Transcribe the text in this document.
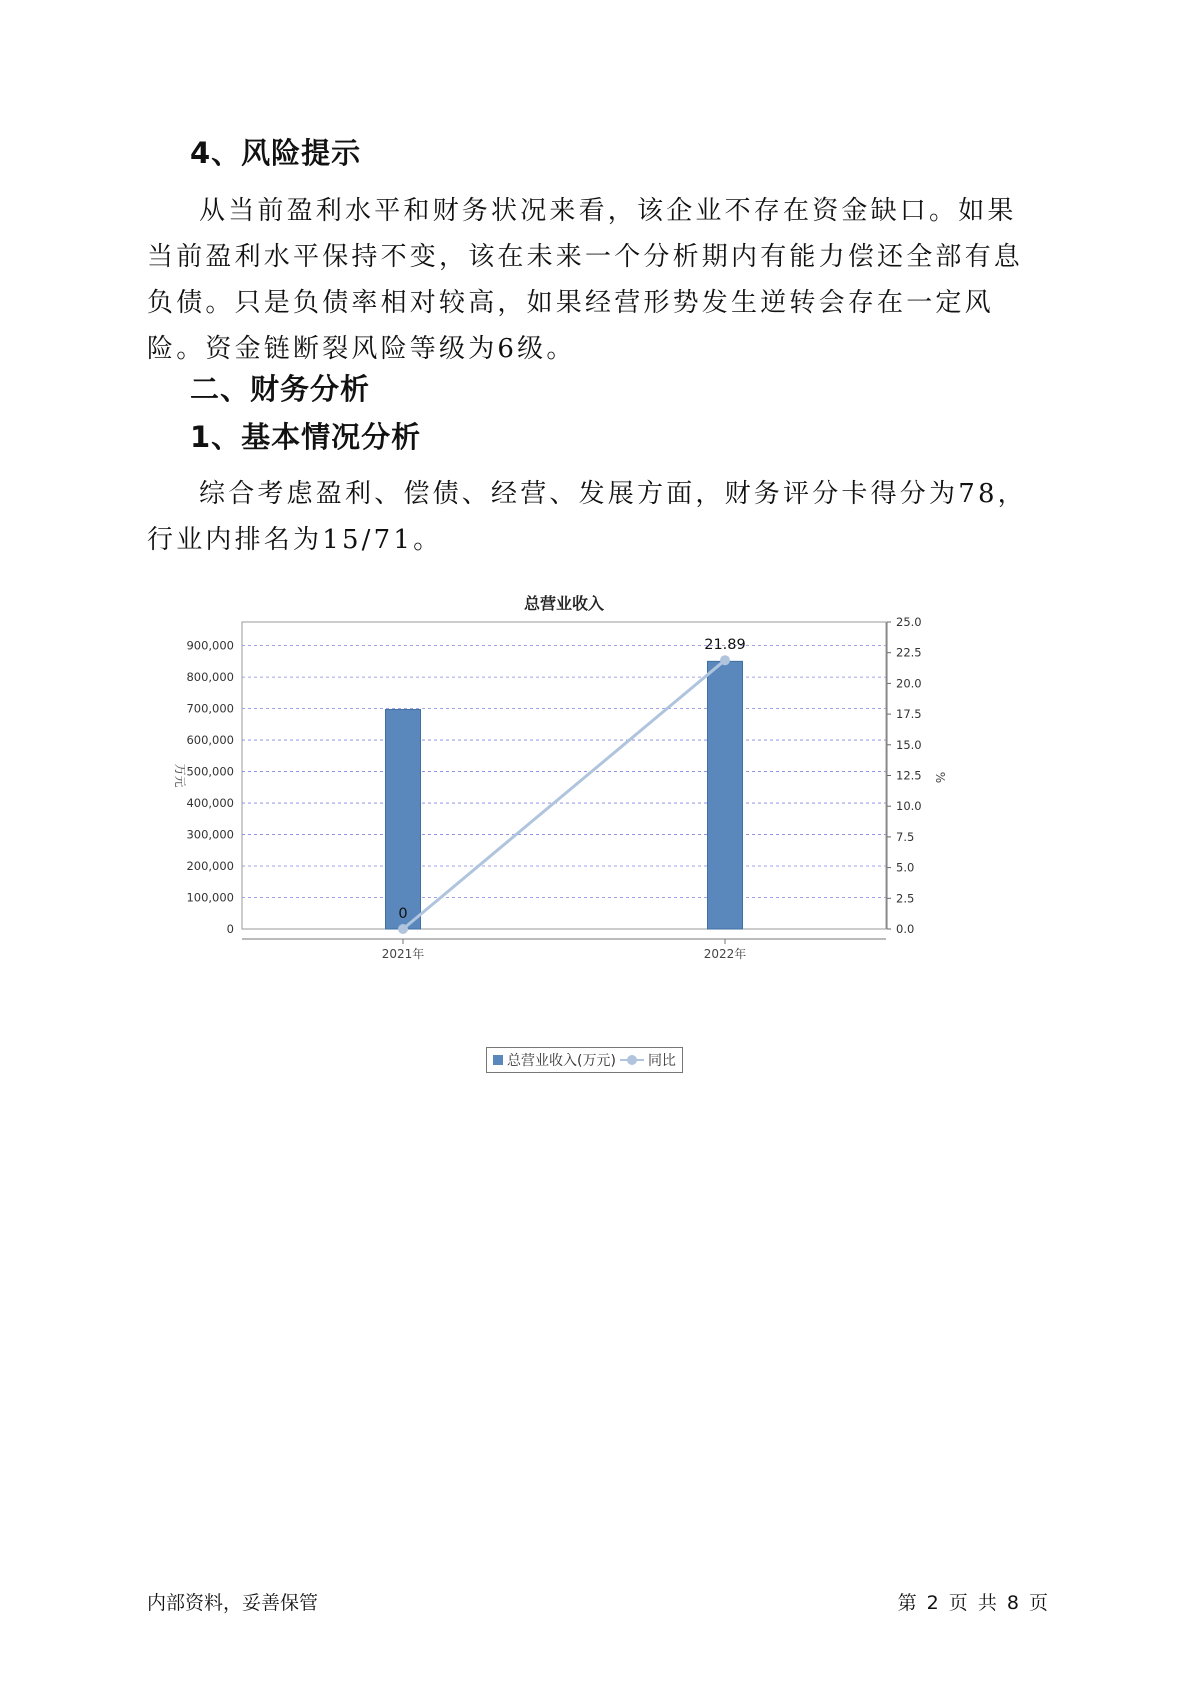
4、风险提示

从当前盈利水平和财务状况来看，该企业不存在资金缺口。如果当前盈利水平保持不变，该在未来一个分析期内有能力偿还全部有息负债。只是负债率相对较高，如果经营形势发生逆转会存在一定风险。资金链断裂风险等级为6级。

二、财务分析
1、基本情况分析

综合考虑盈利、偿债、经营、发展方面，财务评分卡得分为78，行业内排名为15/71。

总营业收入
0
100,000
200,000
300,000
400,000
500,000
600,000
700,000
800,000
900,000
0.0
2.5
5.0
7.5
10.0
12.5
15.0
17.5
20.0
22.5
25.0
万元	%
2021年	2022年
0
21.89
总营业收入(万元) 同比
内部资料，妥善保管	第 2 页 共 8 页
